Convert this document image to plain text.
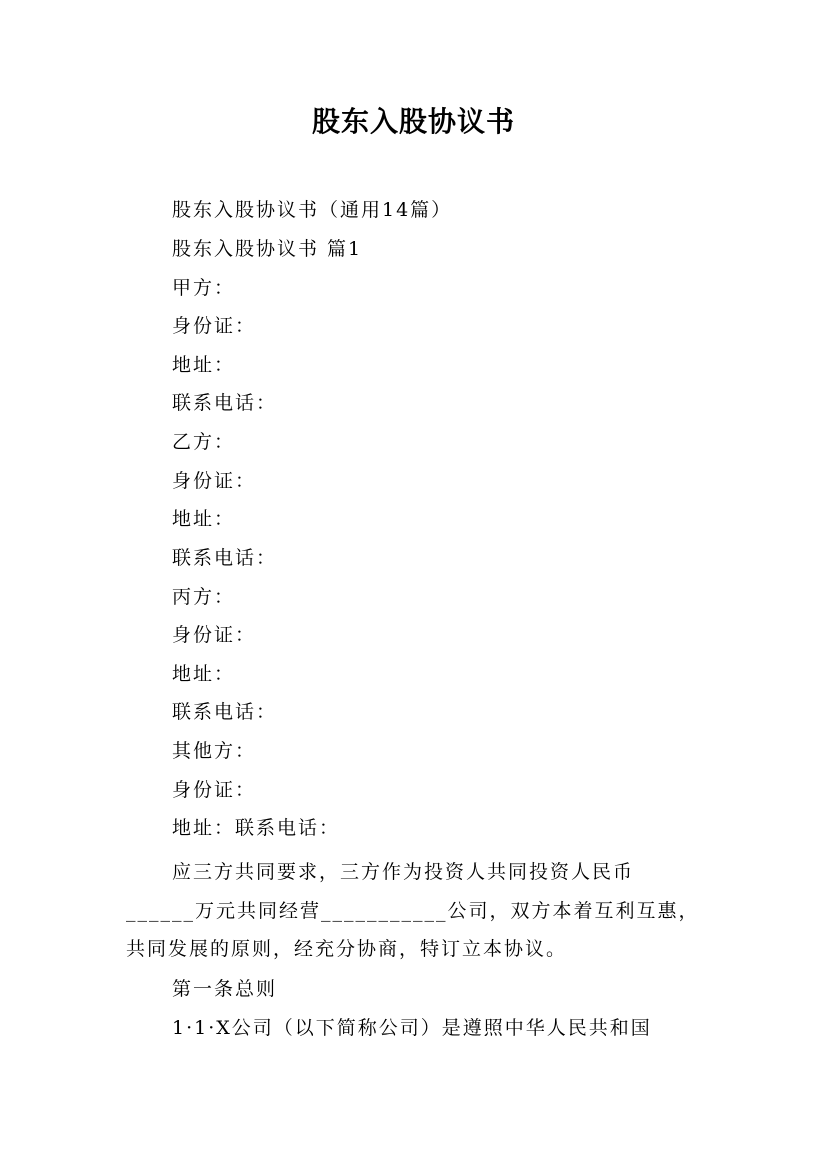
股东入股协议书
股东入股协议书（通用14篇）
股东入股协议书 篇1
甲方：
身份证：
地址：
联系电话：
乙方：
身份证：
地址：
联系电话：
丙方：
身份证：
地址：
联系电话：
其他方：
身份证：
地址：联系电话：
应三方共同要求，三方作为投资人共同投资人民币
______万元共同经营___________公司，双方本着互利互惠，
共同发展的原则，经充分协商，特订立本协议。
第一条总则
1·1·X公司（以下简称公司）是遵照中华人民共和国
